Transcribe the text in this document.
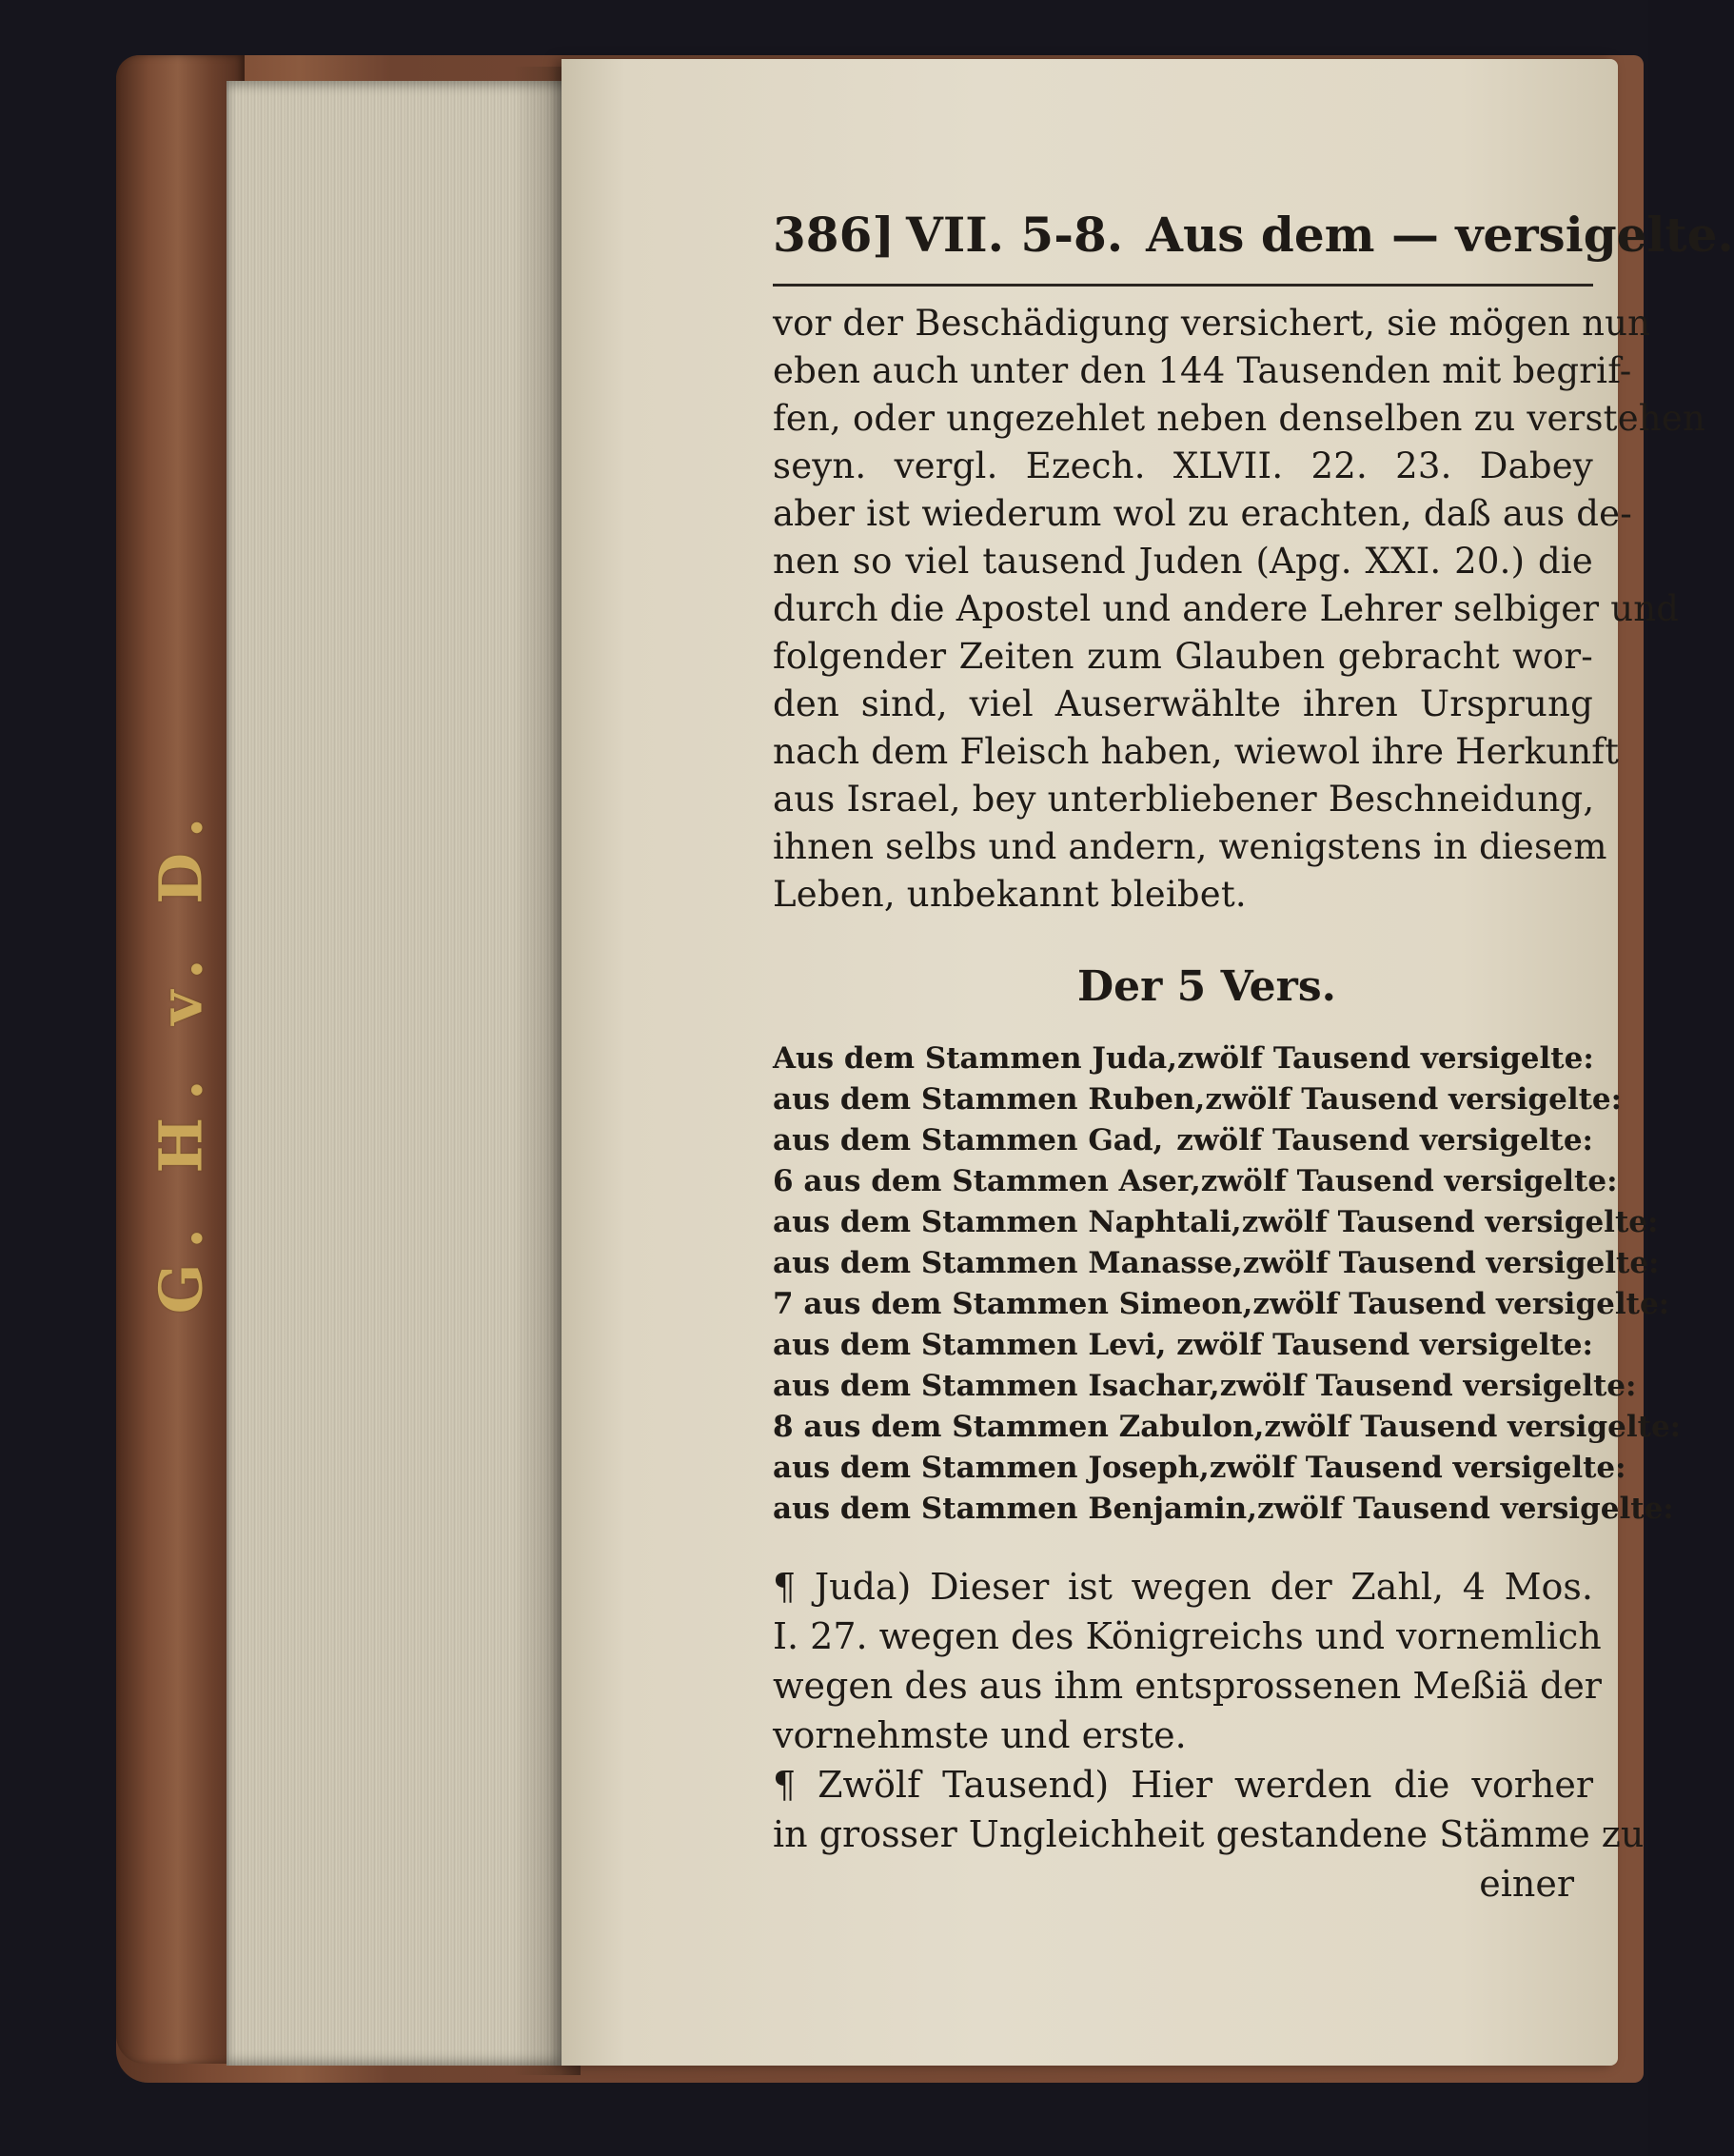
G. H. v. D.
386] VII. 5-8. Aus dem — versigelte.
vor der Beschädigung versichert, sie mögen nun
eben auch unter den 144 Tausenden mit begrif-
fen, oder ungezehlet neben denselben zu verstehen
seyn. vergl. Ezech. XLVII. 22. 23. Dabey
aber ist wiederum wol zu erachten, daß aus de-
nen so viel tausend Juden (Apg. XXI. 20.) die
durch die Apostel und andere Lehrer selbiger und
folgender Zeiten zum Glauben gebracht wor-
den sind, viel Auserwählte ihren Ursprung
nach dem Fleisch haben, wiewol ihre Herkunft
aus Israel, bey unterbliebener Beschneidung,
ihnen selbs und andern, wenigstens in diesem
Leben, unbekannt bleibet.
Der 5 Vers.
Aus dem Stammen Juda, zwölf Tausend versigelte:
aus dem Stammen Ruben, zwölf Tausend versigelte:
aus dem Stammen Gad, zwölf Tausend versigelte:
6 aus dem Stammen Aser, zwölf Tausend versigelte:
aus dem Stammen Naphtali, zwölf Tausend versigelte:
aus dem Stammen Manasse, zwölf Tausend versigelte:
7 aus dem Stammen Simeon, zwölf Tausend versigelte:
aus dem Stammen Levi, zwölf Tausend versigelte:
aus dem Stammen Isachar, zwölf Tausend versigelte:
8 aus dem Stammen Zabulon, zwölf Tausend versigelte:
aus dem Stammen Joseph, zwölf Tausend versigelte:
aus dem Stammen Benjamin, zwölf Tausend versigelte:
¶ Juda) Dieser ist wegen der Zahl, 4 Mos.
I. 27. wegen des Königreichs und vornemlich
wegen des aus ihm entsprossenen Meßiä der
vornehmste und erste.
¶ Zwölf Tausend) Hier werden die vorher
in grosser Ungleichheit gestandene Stämme zu
einer
